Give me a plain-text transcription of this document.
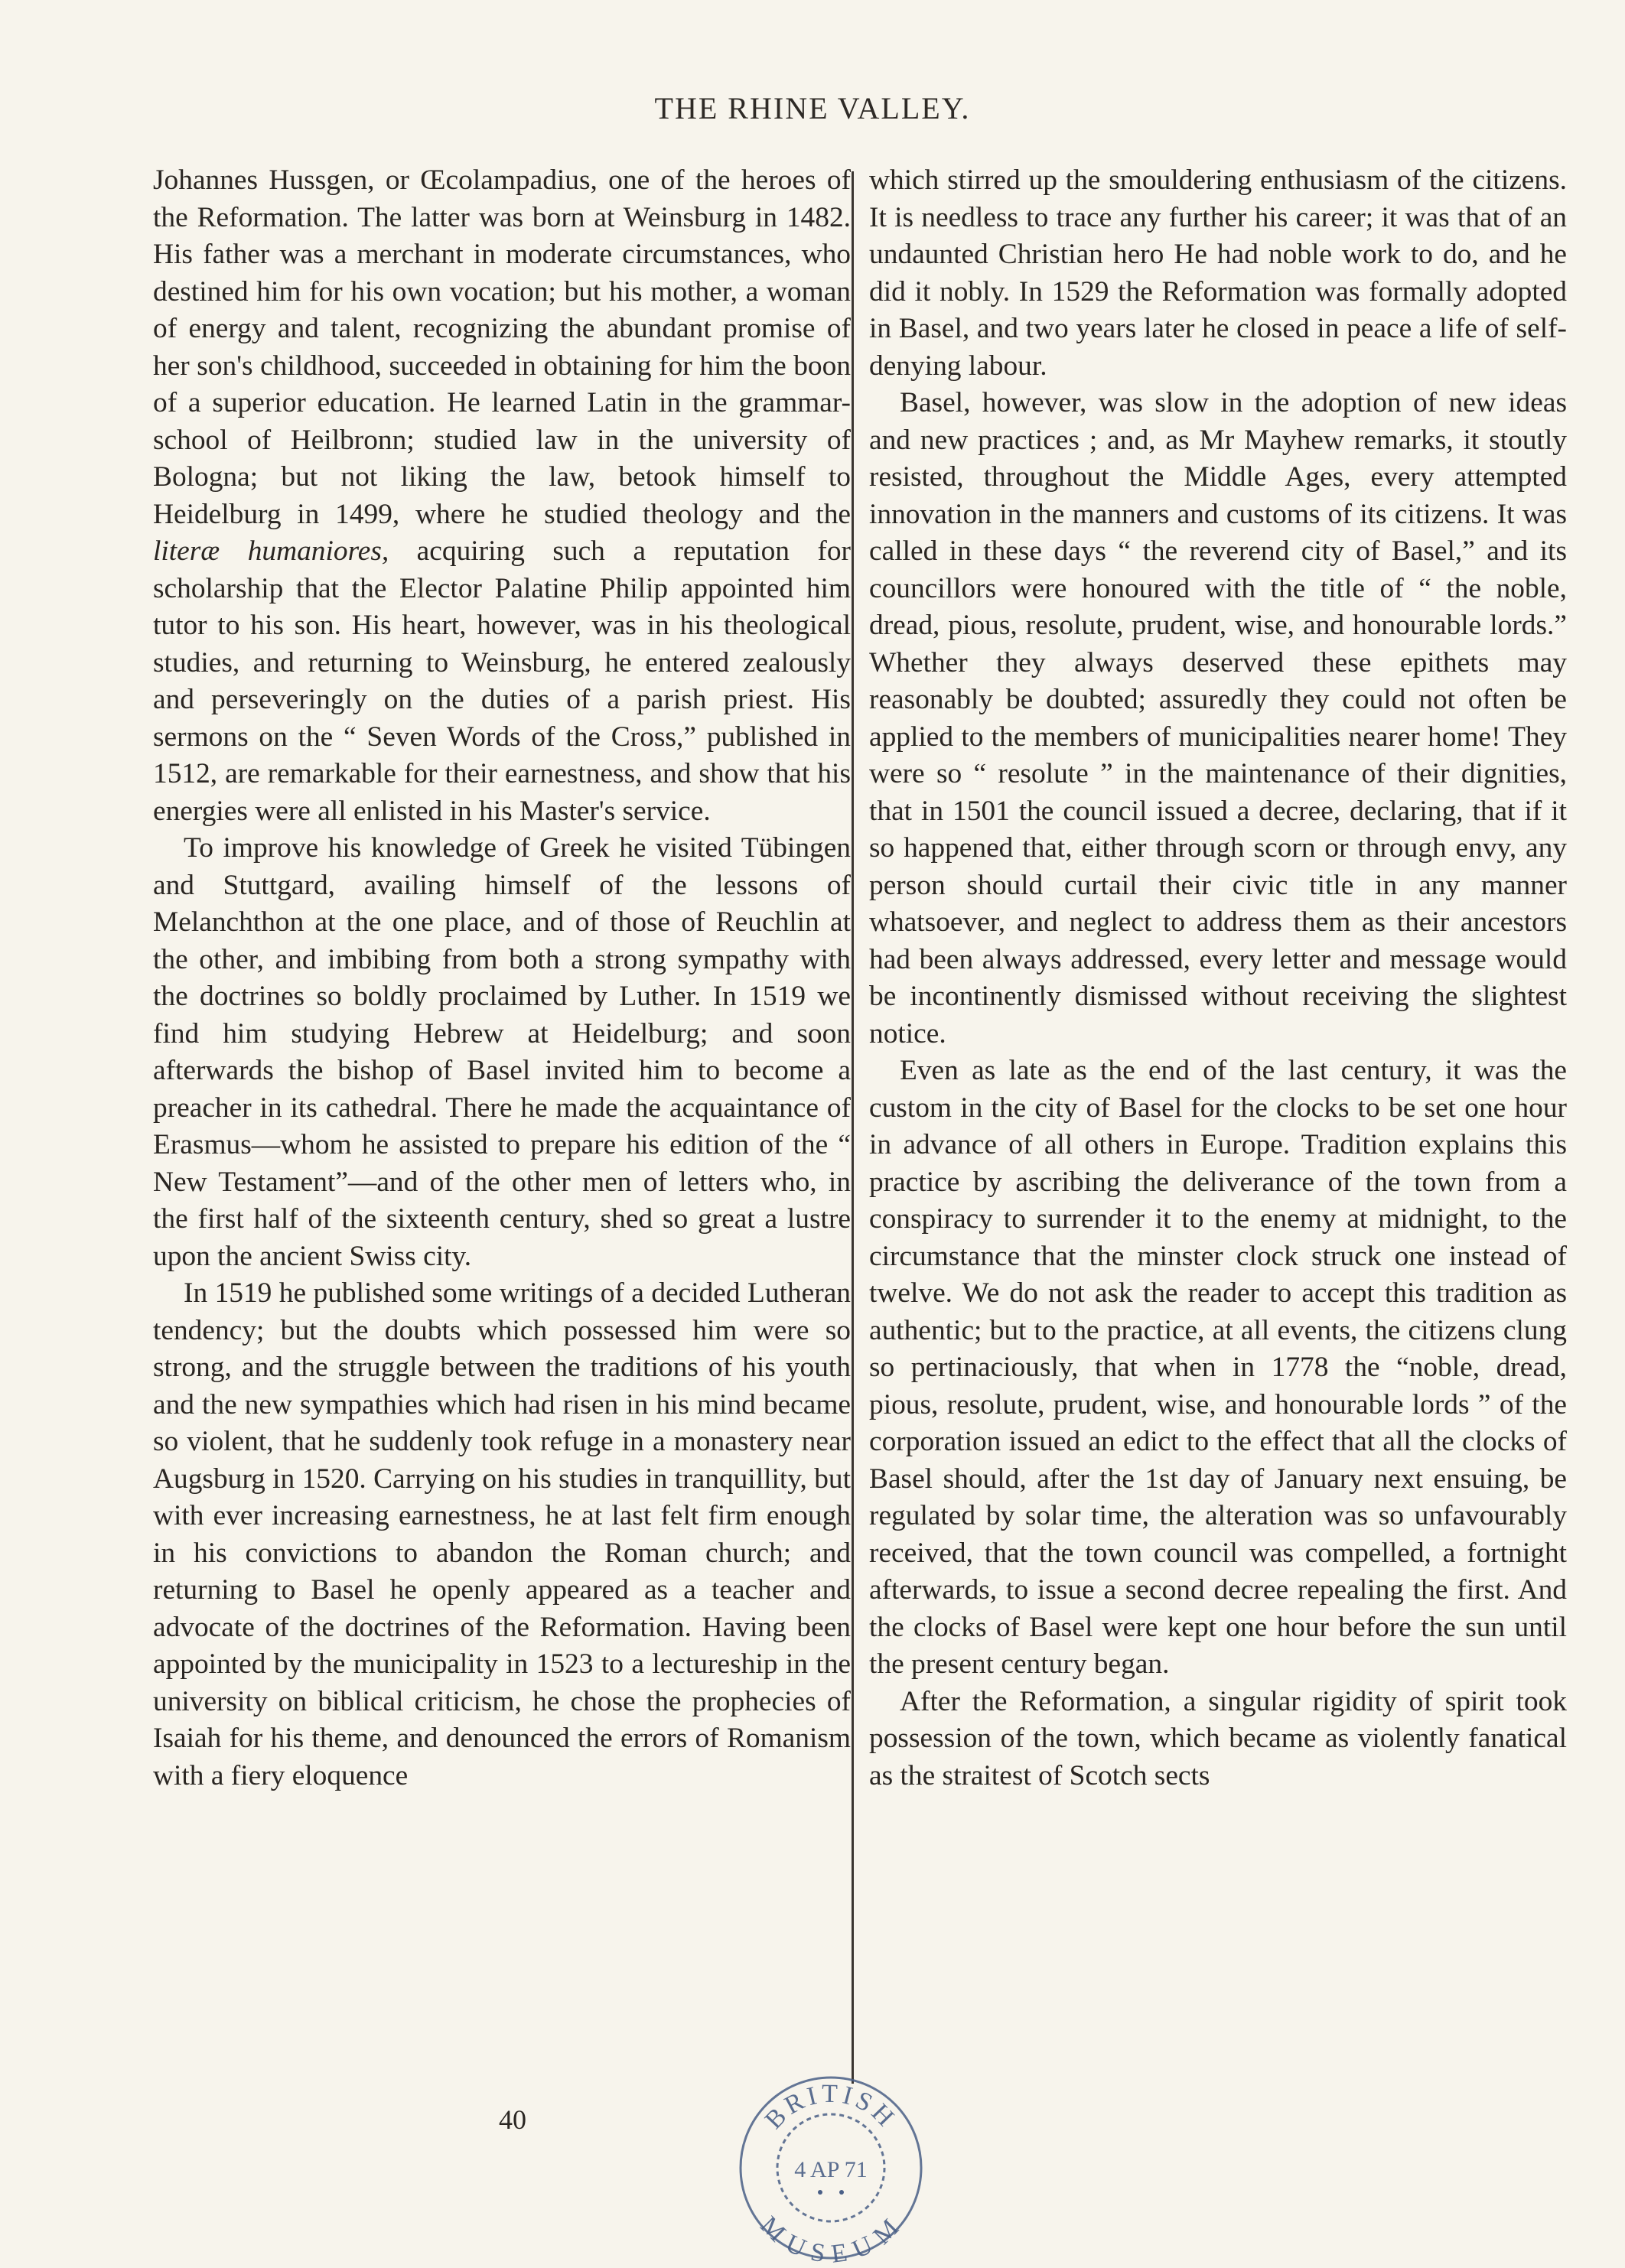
THE RHINE VALLEY.

Johannes Hussgen, or Œcolampadius, one of the heroes of the Reformation. The latter was born at Weinsburg in 1482. His father was a merchant in moderate circumstances, who destined him for his own vocation; but his mother, a woman of energy and talent, recognizing the abundant promise of her son's childhood, succeeded in obtaining for him the boon of a superior education. He learned Latin in the grammar-school of Heilbronn; studied law in the university of Bologna; but not liking the law, betook himself to Heidelburg in 1499, where he studied theology and the literæ humaniores, acquiring such a reputation for scholarship that the Elector Palatine Philip appointed him tutor to his son. His heart, however, was in his theological studies, and returning to Weinsburg, he entered zealously and perseveringly on the duties of a parish priest. His sermons on the “ Seven Words of the Cross,” published in 1512, are remarkable for their earnestness, and show that his energies were all enlisted in his Master's service.

To improve his knowledge of Greek he visited Tübingen and Stuttgard, availing himself of the lessons of Melanchthon at the one place, and of those of Reuchlin at the other, and imbibing from both a strong sympathy with the doctrines so boldly proclaimed by Luther. In 1519 we find him studying Hebrew at Heidelburg; and soon afterwards the bishop of Basel invited him to become a preacher in its cathedral. There he made the acquaintance of Erasmus—whom he assisted to prepare his edition of the “ New Testament”—and of the other men of letters who, in the first half of the sixteenth century, shed so great a lustre upon the ancient Swiss city.

In 1519 he published some writings of a decided Lutheran tendency; but the doubts which possessed him were so strong, and the struggle between the traditions of his youth and the new sympathies which had risen in his mind became so violent, that he suddenly took refuge in a monastery near Augsburg in 1520. Carrying on his studies in tranquillity, but with ever increasing earnestness, he at last felt firm enough in his convictions to abandon the Roman church; and returning to Basel he openly appeared as a teacher and advocate of the doctrines of the Reformation. Having been appointed by the municipality in 1523 to a lectureship in the university on biblical criticism, he chose the prophecies of Isaiah for his theme, and denounced the errors of Romanism with a fiery eloquence

which stirred up the smouldering enthusiasm of the citizens. It is needless to trace any further his career; it was that of an undaunted Christian hero He had noble work to do, and he did it nobly. In 1529 the Reformation was formally adopted in Basel, and two years later he closed in peace a life of self-denying labour.

Basel, however, was slow in the adoption of new ideas and new practices ; and, as Mr Mayhew remarks, it stoutly resisted, throughout the Middle Ages, every attempted innovation in the manners and customs of its citizens. It was called in these days “ the reverend city of Basel,” and its councillors were honoured with the title of “ the noble, dread, pious, resolute, prudent, wise, and honourable lords.” Whether they always deserved these epithets may reasonably be doubted; assuredly they could not often be applied to the members of municipalities nearer home! They were so “ resolute ” in the maintenance of their dignities, that in 1501 the council issued a decree, declaring, that if it so happened that, either through scorn or through envy, any person should curtail their civic title in any manner whatsoever, and neglect to address them as their ancestors had been always addressed, every letter and message would be incontinently dismissed without receiving the slightest notice.

Even as late as the end of the last century, it was the custom in the city of Basel for the clocks to be set one hour in advance of all others in Europe. Tradition explains this practice by ascribing the deliverance of the town from a conspiracy to surrender it to the enemy at midnight, to the circumstance that the minster clock struck one instead of twelve. We do not ask the reader to accept this tradition as authentic; but to the practice, at all events, the citizens clung so pertinaciously, that when in 1778 the “noble, dread, pious, resolute, prudent, wise, and honourable lords ” of the corporation issued an edict to the effect that all the clocks of Basel should, after the 1st day of January next ensuing, be regulated by solar time, the alteration was so unfavourably received, that the town council was compelled, a fortnight afterwards, to issue a second decree repealing the first. And the clocks of Basel were kept one hour before the sun until the present century began.

After the Reformation, a singular rigidity of spirit took possession of the town, which became as violently fanatical as the straitest of Scotch sects

40	BRITISH
MUSEUM
4 AP 71
